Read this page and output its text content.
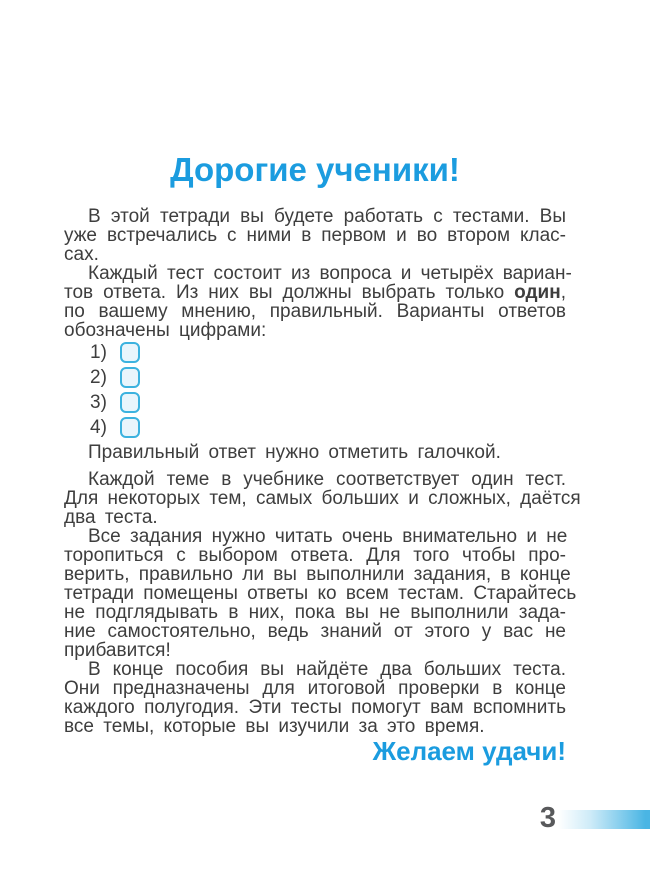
Дорогие ученики!
В этой тетради вы будете работать с тестами. Вы
уже встречались с ними в первом и во втором клас-
сах.
Каждый тест состоит из вопроса и четырёх вариан-
тов ответа. Из них вы должны выбрать только один,
по вашему мнению, правильный. Варианты ответов
обозначены цифрами:
1)
2)
3)
4)
Правильный ответ нужно отметить галочкой.
Каждой теме в учебнике соответствует один тест.
Для некоторых тем, самых больших и сложных, даётся
два теста.
Все задания нужно читать очень внимательно и не
торопиться с выбором ответа. Для того чтобы про-
верить, правильно ли вы выполнили задания, в конце
тетради помещены ответы ко всем тестам. Старайтесь
не подглядывать в них, пока вы не выполнили зада-
ние самостоятельно, ведь знаний от этого у вас не
прибавится!
В конце пособия вы найдёте два больших теста.
Они предназначены для итоговой проверки в конце
каждого полугодия. Эти тесты помогут вам вспомнить
все темы, которые вы изучили за это время.
Желаем удачи!
3
